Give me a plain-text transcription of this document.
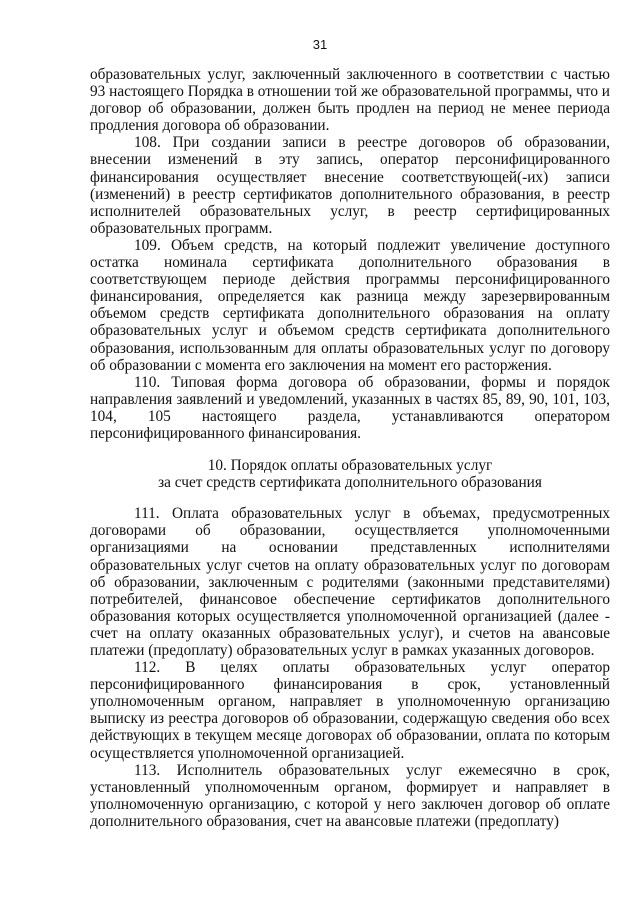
31

образовательных услуг, заключенный заключенного в соответствии с частью 93 настоящего Порядка в отношении той же образовательной программы, что и договор об образовании, должен быть продлен на период не менее периода продления договора об образовании.

108. При создании записи в реестре договоров об образовании, внесении изменений в эту запись, оператор персонифицированного финансирования осуществляет внесение соответствующей(-их) записи (изменений) в реестр сертификатов дополнительного образования, в реестр исполнителей образовательных услуг, в реестр сертифицированных образовательных программ.

109. Объем средств, на который подлежит увеличение доступного остатка номинала сертификата дополнительного образования в соответствующем периоде действия программы персонифицированного финансирования, определяется как разница между зарезервированным объемом средств сертификата дополнительного образования на оплату образовательных услуг и объемом средств сертификата дополнительного образования, использованным для оплаты образовательных услуг по договору об образовании с момента его заключения на момент его расторжения.

110. Типовая форма договора об образовании, формы и порядок направления заявлений и уведомлений, указанных в частях 85, 89, 90, 101, 103, 104, 105 настоящего раздела, устанавливаются оператором персонифицированного финансирования.

10. Порядок оплаты образовательных услуг
за счет средств сертификата дополнительного образования

111. Оплата образовательных услуг в объемах, предусмотренных договорами об образовании, осуществляется уполномоченными организациями на основании представленных исполнителями образовательных услуг счетов на оплату образовательных услуг по договорам об образовании, заключенным с родителями (законными представителями) потребителей, финансовое обеспечение сертификатов дополнительного образования которых осуществляется уполномоченной организацией (далее - счет на оплату оказанных образовательных услуг), и счетов на авансовые платежи (предоплату) образовательных услуг в рамках указанных договоров.

112. В целях оплаты образовательных услуг оператор персонифицированного финансирования в срок, установленный уполномоченным органом, направляет в уполномоченную организацию выписку из реестра договоров об образовании, содержащую сведения обо всех действующих в текущем месяце договорах об образовании, оплата по которым осуществляется уполномоченной организацией.

113. Исполнитель образовательных услуг ежемесячно в срок, установленный уполномоченным органом, формирует и направляет в уполномоченную организацию, с которой у него заключен договор об оплате дополнительного образования, счет на авансовые платежи (предоплату)
